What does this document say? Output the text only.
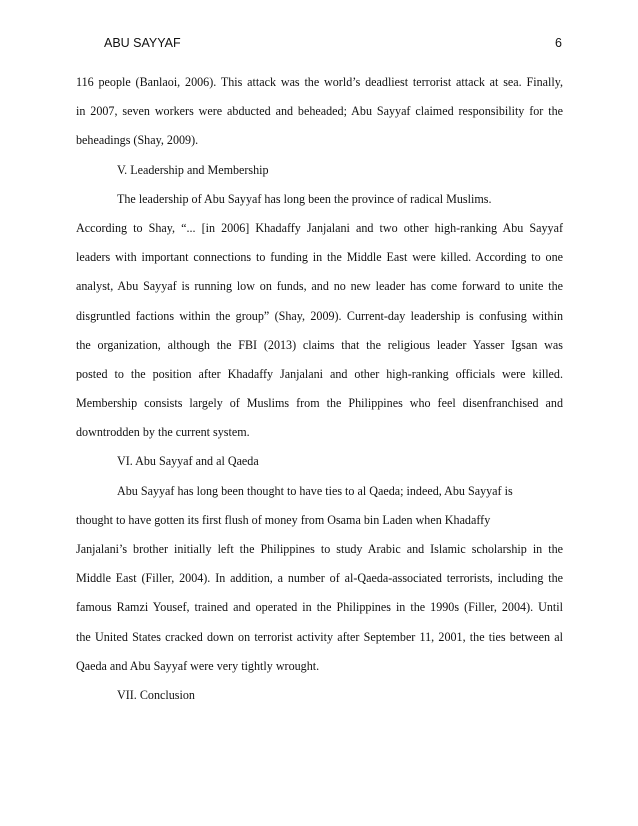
ABU SAYYAF	6
116 people (Banlaoi, 2006). This attack was the world’s deadliest terrorist attack at sea. Finally,
in 2007, seven workers were abducted and beheaded; Abu Sayyaf claimed responsibility for the
beheadings (Shay, 2009).
V. Leadership and Membership
The leadership of Abu Sayyaf has long been the province of radical Muslims.
According to Shay, “... [in 2006] Khadaffy Janjalani and two other high-ranking Abu Sayyaf
leaders with important connections to funding in the Middle East were killed. According to one
analyst, Abu Sayyaf is running low on funds, and no new leader has come forward to unite the
disgruntled factions within the group” (Shay, 2009). Current-day leadership is confusing within
the organization, although the FBI (2013) claims that the religious leader Yasser Igsan was
posted to the position after Khadaffy Janjalani and other high-ranking officials were killed.
Membership consists largely of Muslims from the Philippines who feel disenfranchised and
downtrodden by the current system.
VI. Abu Sayyaf and al Qaeda
Abu Sayyaf has long been thought to have ties to al Qaeda; indeed, Abu Sayyaf is
thought to have gotten its first flush of money from Osama bin Laden when Khadaffy
Janjalani’s brother initially left the Philippines to study Arabic and Islamic scholarship in the
Middle East (Filler, 2004). In addition, a number of al-Qaeda-associated terrorists, including the
famous Ramzi Yousef, trained and operated in the Philippines in the 1990s (Filler, 2004). Until
the United States cracked down on terrorist activity after September 11, 2001, the ties between al
Qaeda and Abu Sayyaf were very tightly wrought.
VII. Conclusion
